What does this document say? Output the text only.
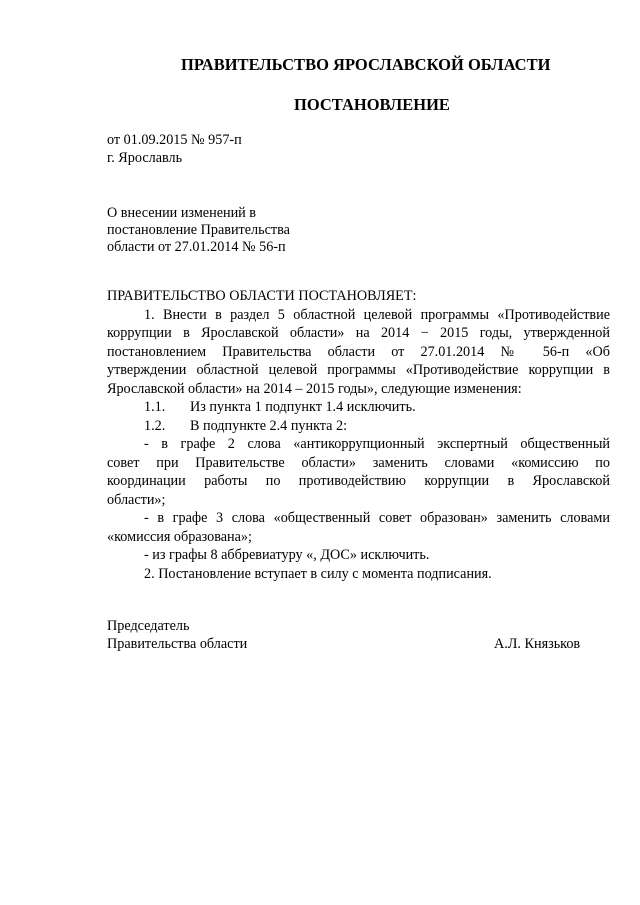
ПРАВИТЕЛЬСТВО ЯРОСЛАВСКОЙ ОБЛАСТИ
ПОСТАНОВЛЕНИЕ
от 01.09.2015 № 957-п
г. Ярославль
О внесении изменений в
постановление Правительства
области от 27.01.2014 № 56-п
ПРАВИТЕЛЬСТВО ОБЛАСТИ ПОСТАНОВЛЯЕТ:
1. Внести в раздел 5 областной целевой программы «Противодействие
коррупции в Ярославской области» на 2014 − 2015 годы, утвержденной
постановлением Правительства области от 27.01.2014 № 56-п «Об
утверждении областной целевой программы «Противодействие коррупции в
Ярославской области» на 2014 – 2015 годы», следующие изменения:
1.1. Из пункта 1 подпункт 1.4 исключить.
1.2. В подпункте 2.4 пункта 2:
- в графе 2 слова «антикоррупционный экспертный общественный
совет при Правительстве области» заменить словами «комиссию по
координации работы по противодействию коррупции в Ярославской
области»;
- в графе 3 слова «общественный совет образован» заменить словами
«комиссия образована»;
- из графы 8 аббревиатуру «, ДОС» исключить.
2. Постановление вступает в силу с момента подписания.
Председатель
Правительства области	А.Л. Князьков
